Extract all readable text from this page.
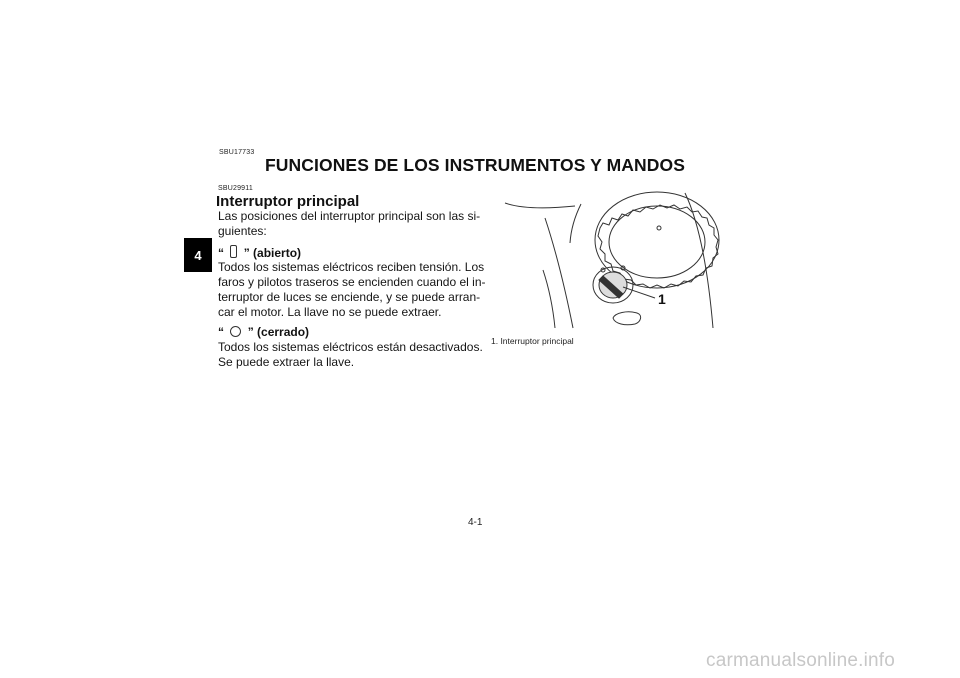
4
SBU17733
FUNCIONES DE LOS INSTRUMENTOS Y MANDOS
SBU29911
Interruptor principal
Las posiciones del interruptor principal son las si-
guientes:
“ ” (abierto)
Todos los sistemas eléctricos reciben tensión. Los
faros y pilotos traseros se encienden cuando el in-
terruptor de luces se enciende, y se puede arran-
car el motor. La llave no se puede extraer.
“ ” (cerrado)
Todos los sistemas eléctricos están desactivados.
Se puede extraer la llave.
1
1. Interruptor principal
4-1
carmanualsonline.info
